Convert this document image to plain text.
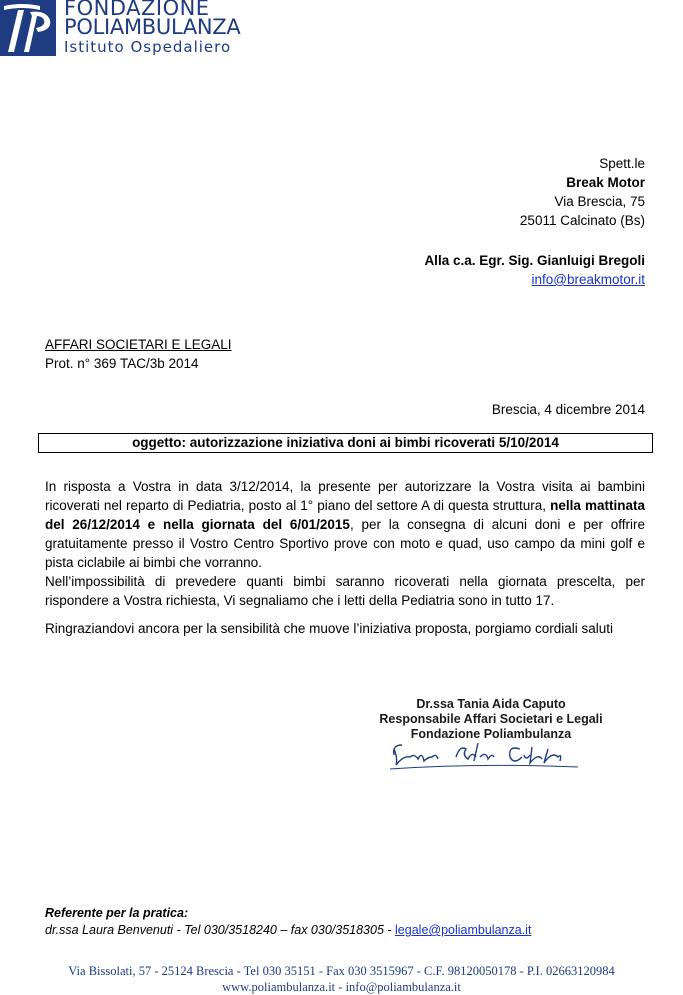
FONDAZIONE
POLIAMBULANZA
Istituto Ospedaliero
Spett.le
Break Motor
Via Brescia, 75
25011 Calcinato (Bs)
Alla c.a. Egr. Sig. Gianluigi Bregoli
info@breakmotor.it
AFFARI SOCIETARI E LEGALI
Prot. n° 369 TAC/3b 2014
Brescia, 4 dicembre 2014
oggetto: autorizzazione iniziativa doni ai bimbi ricoverati 5/10/2014
In risposta a Vostra in data 3/12/2014, la presente per autorizzare la Vostra visita ai bambini ricoverati nel reparto di Pediatria, posto al 1° piano del settore A di questa struttura, nella mattinata del 26/12/2014 e nella giornata del 6/01/2015, per la consegna di alcuni doni e per offrire gratuitamente presso il Vostro Centro Sportivo prove con moto e quad, uso campo da mini golf e pista ciclabile ai bimbi che vorranno.
Nell’impossibilità di prevedere quanti bimbi saranno ricoverati nella giornata prescelta, per rispondere a Vostra richiesta, Vi segnaliamo che i letti della Pediatria sono in tutto 17.
Ringraziandovi ancora per la sensibilità che muove l’iniziativa proposta, porgiamo cordiali saluti
Dr.ssa Tania Aida Caputo
Responsabile Affari Societari e Legali
Fondazione Poliambulanza
Referente per la pratica:
dr.ssa Laura Benvenuti - Tel 030/3518240 – fax 030/3518305 - legale@poliambulanza.it
Via Bissolati, 57 - 25124 Brescia - Tel 030 35151 - Fax 030 3515967 - C.F. 98120050178 - P.I. 02663120984
www.poliambulanza.it - info@poliambulanza.it
